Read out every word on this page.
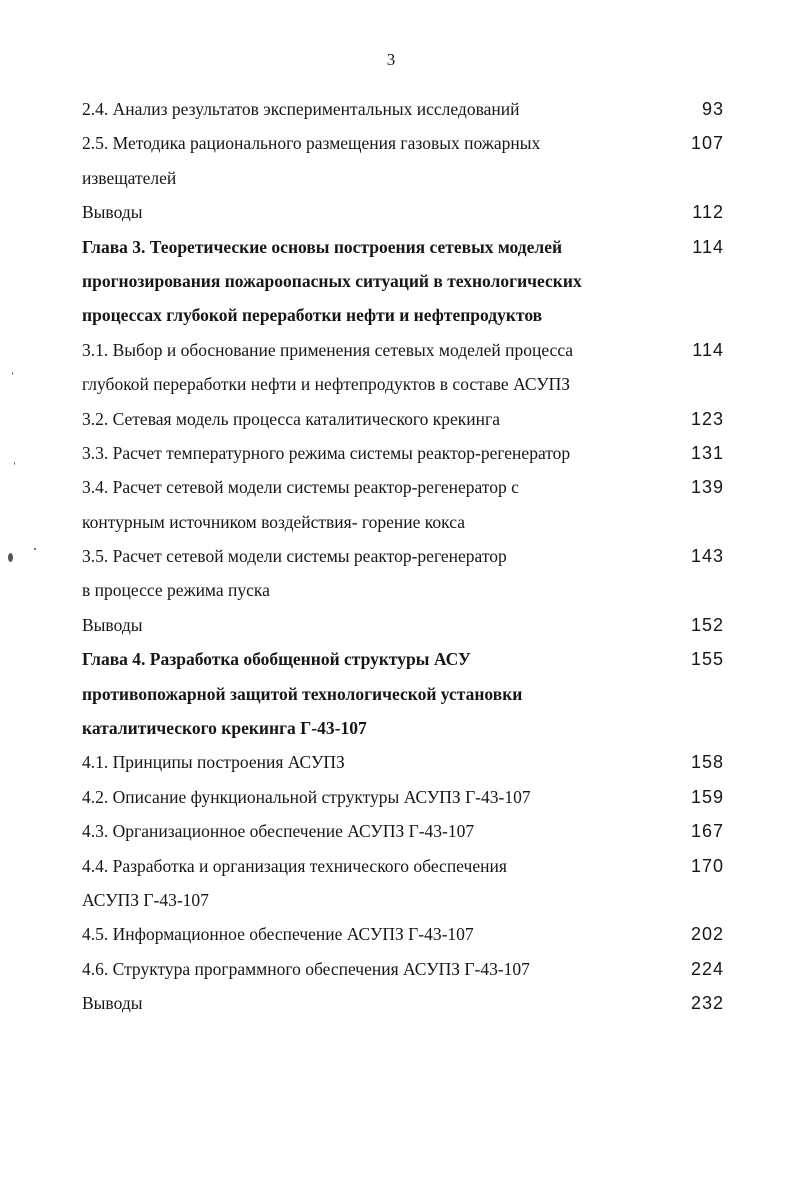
3
2.4. Анализ результатов экспериментальных исследований	93
2.5. Методика рационального размещения газовых пожарных	107
извещателей
Выводы	112
Глава 3. Теоретические основы построения сетевых моделей	114
прогнозирования пожароопасных ситуаций в технологических
процессах глубокой переработки нефти и нефтепродуктов
3.1. Выбор и обоснование применения сетевых моделей процесса	114
глубокой переработки нефти и нефтепродуктов в составе АСУПЗ
3.2. Сетевая модель процесса каталитического крекинга	123
3.3. Расчет температурного режима системы реактор-регенератор	131
3.4. Расчет сетевой модели системы реактор-регенератор с	139
контурным источником воздействия- горение кокса
3.5. Расчет сетевой модели системы реактор-регенератор	143
в процессе режима пуска
Выводы	152
Глава 4. Разработка обобщенной структуры АСУ	155
противопожарной защитой технологической установки
каталитического крекинга Г-43-107
4.1. Принципы построения АСУПЗ	158
4.2. Описание функциональной структуры АСУПЗ Г-43-107	159
4.3. Организационное обеспечение АСУПЗ Г-43-107	167
4.4. Разработка и организация технического обеспечения	170
АСУПЗ Г-43-107
4.5. Информационное обеспечение АСУПЗ Г-43-107	202
4.6. Структура программного обеспечения АСУПЗ Г-43-107	224
Выводы	232
